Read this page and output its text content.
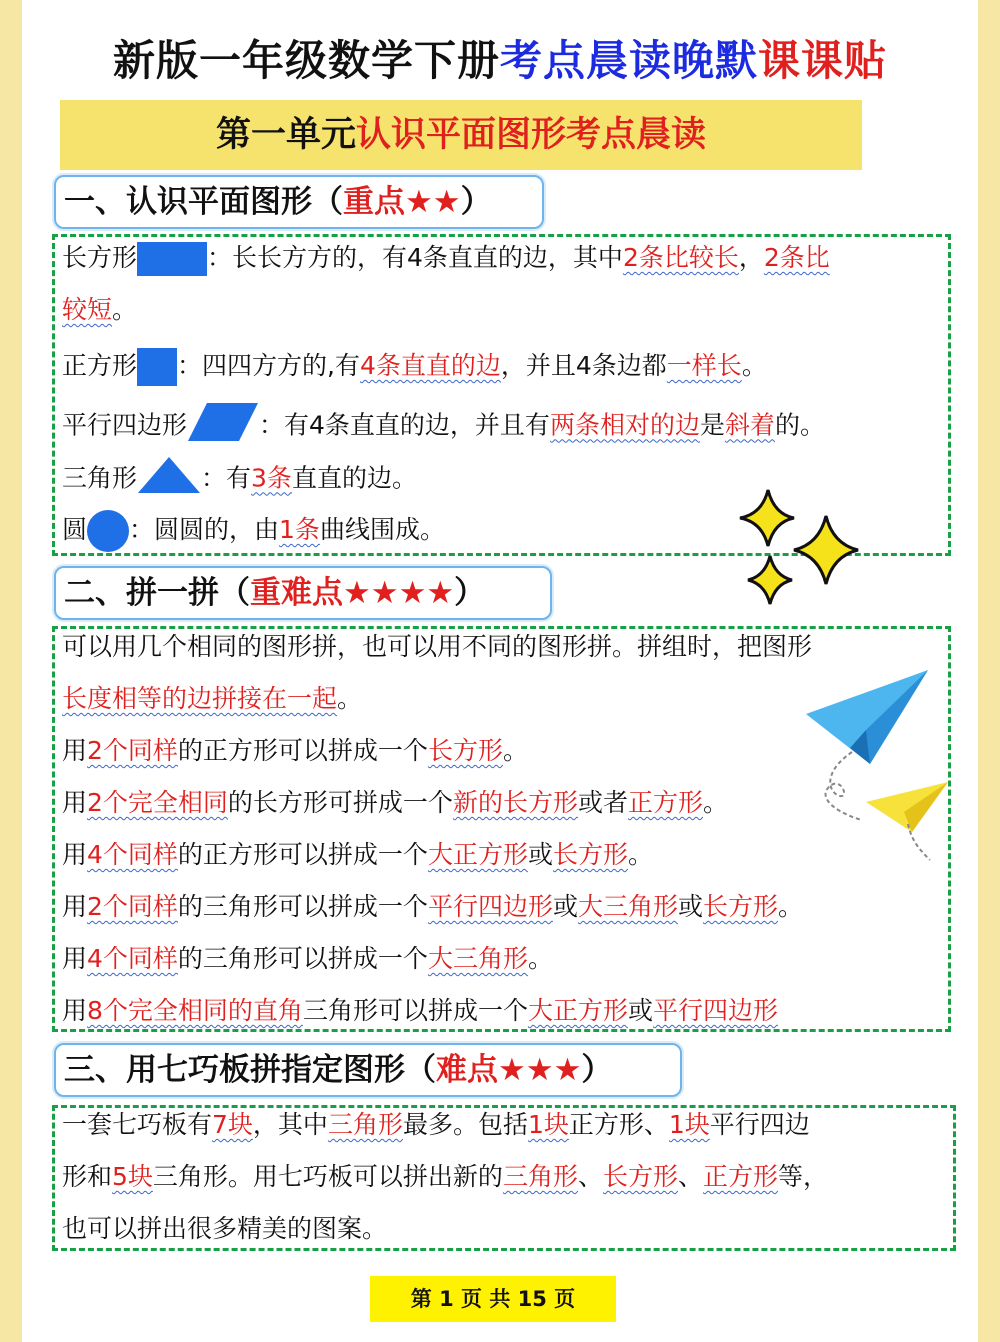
新版一年级数学下册考点晨读晚默课课贴
第一单元认识平面图形考点晨读
一、认识平面图形（重点★★）
长方形	：长长方方的，有4条直直的边，其中2条比较长，2条比
较短。
正方形 ：四四方方的,有4条直直的边，并且4条边都一样长。
平行四边形	：有4条直直的边，并且有两条相对的边是斜着的。
三角形	：有3条直直的边。
圆 ：圆圆的，由1条曲线围成。
二、拼一拼（重难点★★★★）
可以用几个相同的图形拼，也可以用不同的图形拼。拼组时，把图形
长度相等的边拼接在一起。
用2个同样的正方形可以拼成一个长方形。
用2个完全相同的长方形可拼成一个新的长方形或者正方形。
用4个同样的正方形可以拼成一个大正方形或长方形。
用2个同样的三角形可以拼成一个平行四边形或大三角形或长方形。
用4个同样的三角形可以拼成一个大三角形。
用8个完全相同的直角三角形可以拼成一个大正方形或平行四边形
三、用七巧板拼指定图形（难点★★★）
一套七巧板有7块，其中三角形最多。包括1块正方形、1块平行四边
形和5块三角形。用七巧板可以拼出新的三角形、长方形、正方形等，
也可以拼出很多精美的图案。
第 1 页 共 15 页
